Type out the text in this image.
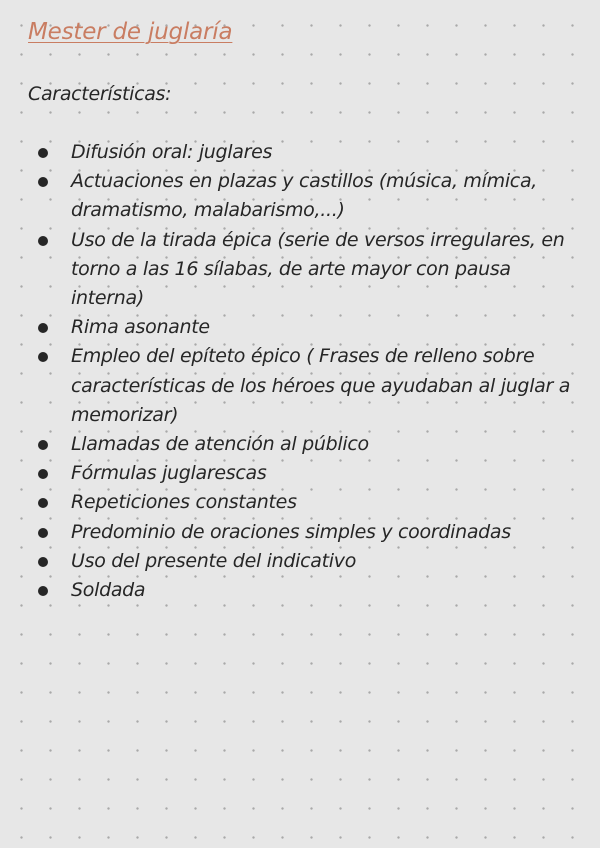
Mester de juglaría

Características:

Difusión oral: juglares
Actuaciones en plazas y castillos (música, mímica, dramatismo, malabarismo,...)
Uso de la tirada épica (serie de versos irregulares, en torno a las 16 sílabas, de arte mayor con pausa interna)
Rima asonante
Empleo del epíteto épico ( Frases de relleno sobre características de los héroes que ayudaban al juglar a memorizar)
Llamadas de atención al público
Fórmulas juglarescas
Repeticiones constantes
Predominio de oraciones simples y coordinadas
Uso del presente del indicativo
Soldada
